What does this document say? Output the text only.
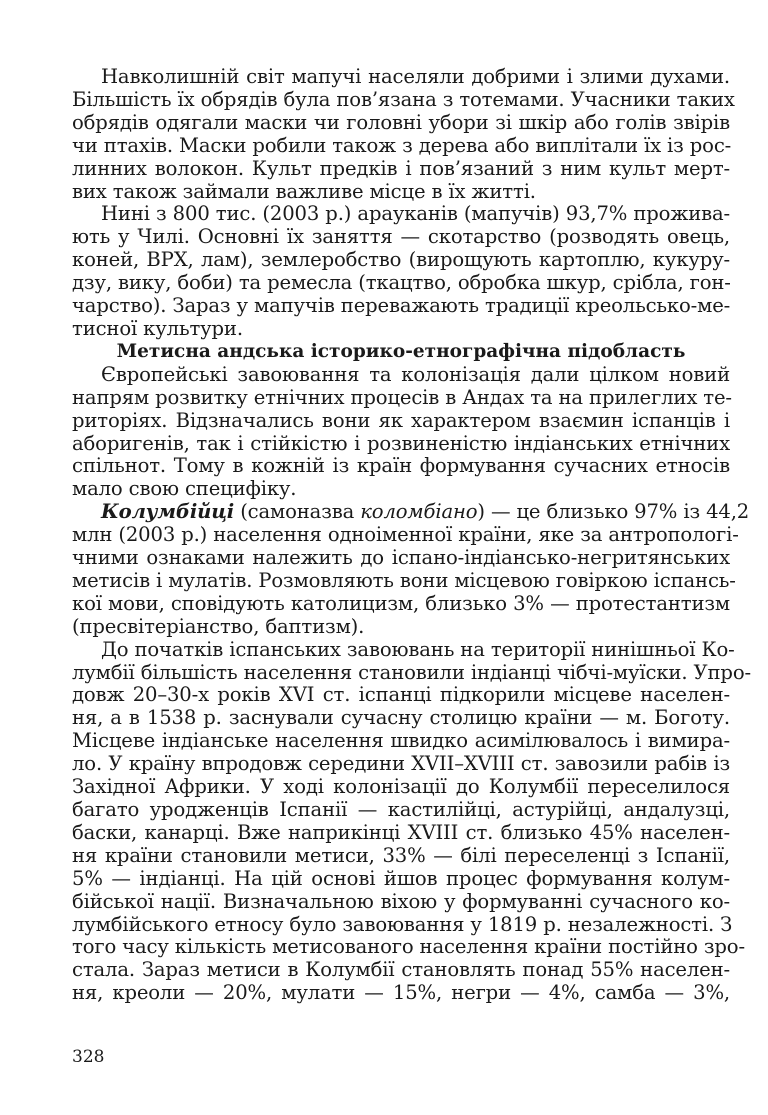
Навколишній світ мапучі населяли добрими і злими духами.
Більшість їх обрядів була пов’язана з тотемами. Учасники таких
обрядів одягали маски чи головні убори зі шкір або голів звірів
чи птахів. Маски робили також з дерева або виплітали їх із рос-
линних волокон. Культ предків і пов’язаний з ним культ мерт-
вих також займали важливе місце в їх житті.
Нині з 800 тис. (2003 р.) арауканів (мапучів) 93,7% прожива-
ють у Чилі. Основні їх заняття — скотарство (розводять овець,
коней, ВРХ, лам), землеробство (вирощують картоплю, кукуру-
дзу, вику, боби) та ремесла (ткацтво, обробка шкур, срібла, гон-
чарство). Зараз у мапучів переважають традиції креольсько-ме-
тисної культури.
Метисна андська історико-етнографічна підобласть
Європейські завоювання та колонізація дали цілком новий
напрям розвитку етнічних процесів в Андах та на прилеглих те-
риторіях. Відзначались вони як характером взаємин іспанців і
аборигенів, так і стійкістю і розвиненістю індіанських етнічних
спільнот. Тому в кожній із країн формування сучасних етносів
мало свою специфіку.
Колумбійці (самоназва коломбіано) — це близько 97% із 44,2
млн (2003 р.) населення одноіменної країни, яке за антропологі-
чними ознаками належить до іспано-індіансько-негритянських
метисів і мулатів. Розмовляють вони місцевою говіркою іспансь-
кої мови, сповідують католицизм, близько 3% — протестантизм
(пресвітеріанство, баптизм).
До початків іспанських завоювань на території нинішньої Ко-
лумбії більшість населення становили індіанці чібчі-муїски. Упро-
довж 20–30-х років XVI ст. іспанці підкорили місцеве населен-
ня, а в 1538 р. заснували сучасну столицю країни — м. Боготу.
Місцеве індіанське населення швидко асимілювалось і вимира-
ло. У країну впродовж середини XVII–XVIII ст. завозили рабів із
Західної Африки. У ході колонізації до Колумбії переселилося
багато уродженців Іспанії — кастилійці, астурійці, андалузці,
баски, канарці. Вже наприкінці XVIII ст. близько 45% населен-
ня країни становили метиси, 33% — білі переселенці з Іспанії,
5% — індіанці. На цій основі йшов процес формування колум-
бійської нації. Визначальною віхою у формуванні сучасного ко-
лумбійського етносу було завоювання у 1819 р. незалежності. З
того часу кількість метисованого населення країни постійно зро-
стала. Зараз метиси в Колумбії становлять понад 55% населен-
ня, креоли — 20%, мулати — 15%, негри — 4%, самба — 3%,
328
